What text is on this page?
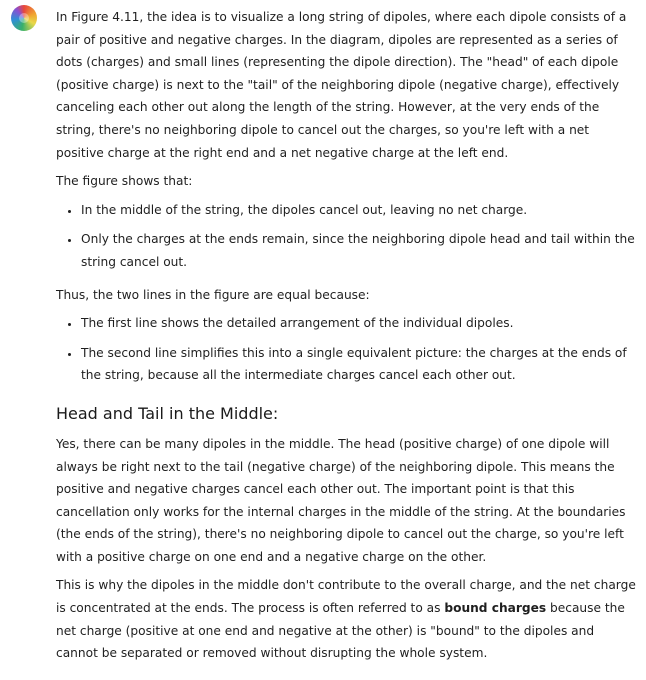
In Figure 4.11, the idea is to visualize a long string of dipoles, where each dipole consists of a pair of positive and negative charges. In the diagram, dipoles are represented as a series of dots (charges) and small lines (representing the dipole direction). The "head" of each dipole (positive charge) is next to the "tail" of the neighboring dipole (negative charge), effectively canceling each other out along the length of the string. However, at the very ends of the string, there's no neighboring dipole to cancel out the charges, so you're left with a net positive charge at the right end and a net negative charge at the left end.

The figure shows that:

• In the middle of the string, the dipoles cancel out, leaving no net charge.
• Only the charges at the ends remain, since the neighboring dipole head and tail within the string cancel out.

Thus, the two lines in the figure are equal because:

• The first line shows the detailed arrangement of the individual dipoles.
• The second line simplifies this into a single equivalent picture: the charges at the ends of the string, because all the intermediate charges cancel each other out.
Head and Tail in the Middle:

Yes, there can be many dipoles in the middle. The head (positive charge) of one dipole will always be right next to the tail (negative charge) of the neighboring dipole. This means the positive and negative charges cancel each other out. The important point is that this cancellation only works for the internal charges in the middle of the string. At the boundaries (the ends of the string), there's no neighboring dipole to cancel out the charge, so you're left with a positive charge on one end and a negative charge on the other.

This is why the dipoles in the middle don't contribute to the overall charge, and the net charge is concentrated at the ends. The process is often referred to as bound charges because the net charge (positive at one end and negative at the other) is "bound" to the dipoles and cannot be separated or removed without disrupting the whole system.
